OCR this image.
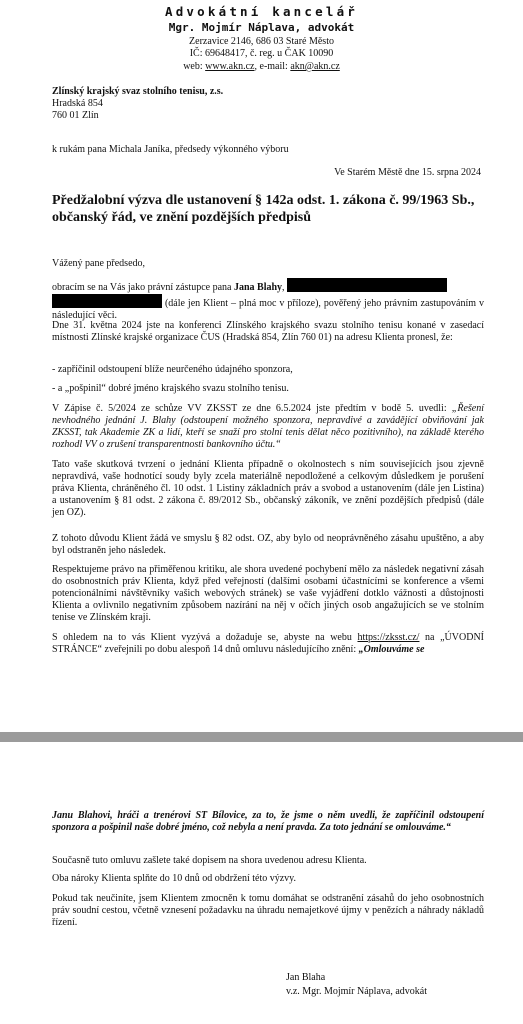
Advokátní kancelář
Mgr. Mojmír Náplava, advokát
Zerzavice 2146, 686 03 Staré Město
IČ: 69648417, č. reg. u ČAK 10090
web: www.akn.cz, e-mail: akn@akn.cz

Zlínský krajský svaz stolního tenisu, z.s.

Hradská 854

760 01 Zlín

k rukám pana Michala Janíka, předsedy výkonného výboru
Ve Starém Městě dne 15. srpna 2024
Předžalobní výzva dle ustanovení § 142a odst. 1. zákona č. 99/1963 Sb., občanský řád, ve znění pozdějších předpisů
Vážený pane předsedo,
obracím se na Vás jako právní zástupce pana Jana Blahy,
(dále jen Klient – plná moc v příloze), pověřený jeho právním zastupováním v následující věci.
Dne 31. května 2024 jste na konferenci Zlínského krajského svazu stolního tenisu konané v zasedací místnosti Zlínské krajské organizace ČUS (Hradská 854, Zlín 760 01) na adresu Klienta pronesl, že:
- zapříčinil odstoupení blíže neurčeného údajného sponzora,
- a „pošpinil“ dobré jméno krajského svazu stolního tenisu.
V Zápise č. 5/2024 ze schůze VV ZKSST ze dne 6.5.2024 jste předtím v bodě 5. uvedli: „Řešení nevhodného jednání J. Blahy (odstoupení možného sponzora, nepravdivé a zavádějící obviňování jak ZKSST, tak Akademie ZK a lidí, kteří se snaží pro stolní tenis dělat něco pozitivního), na základě kterého rozhodl VV o zrušení transparentnosti bankovního účtu.“
Tato vaše skutková tvrzení o jednání Klienta případně o okolnostech s ním souvisejících jsou zjevně nepravdivá, vaše hodnotící soudy byly zcela materiálně nepodložené a celkovým důsledkem je porušení práva Klienta, chráněného čl. 10 odst. 1 Listiny základních práv a svobod a ustanovením (dále jen Listina) a ustanovením § 81 odst. 2 zákona č. 89/2012 Sb., občanský zákoník, ve znění pozdějších předpisů (dále jen OZ).
Z tohoto důvodu Klient žádá ve smyslu § 82 odst. OZ, aby bylo od neoprávněného zásahu upuštěno, a aby byl odstraněn jeho následek.
Respektujeme právo na přiměřenou kritiku, ale shora uvedené pochybení mělo za následek negativní zásah do osobnostních práv Klienta, když před veřejností (dalšími osobami účastnícími se konference a všemi potencionálními návštěvníky vašich webových stránek) se vaše vyjádření dotklo vážnosti a důstojnosti Klienta a ovlivnilo negativním způsobem nazírání na něj v očích jiných osob angažujících se ve stolním tenise ve Zlínském kraji.
S ohledem na to vás Klient vyzývá a dožaduje se, abyste na webu https://zksst.cz/ na „ÚVODNÍ STRÁNCE“ zveřejnili po dobu alespoň 14 dnů omluvu následujícího znění: „Omlouváme se
Janu Blahovi, hráči a trenérovi ST Bílovice, za to, že jsme o něm uvedli, že zapříčinil odstoupení sponzora a pošpinil naše dobré jméno, což nebyla a není pravda. Za toto jednání se omlouváme.“
Současně tuto omluvu zašlete také dopisem na shora uvedenou adresu Klienta.
Oba nároky Klienta splňte do 10 dnů od obdržení této výzvy.
Pokud tak neučiníte, jsem Klientem zmocněn k tomu domáhat se odstranění zásahů do jeho osobnostních práv soudní cestou, včetně vznesení požadavku na úhradu nemajetkové újmy v penězích a náhrady nákladů řízení.
Jan Blaha
v.z. Mgr. Mojmír Náplava, advokát
